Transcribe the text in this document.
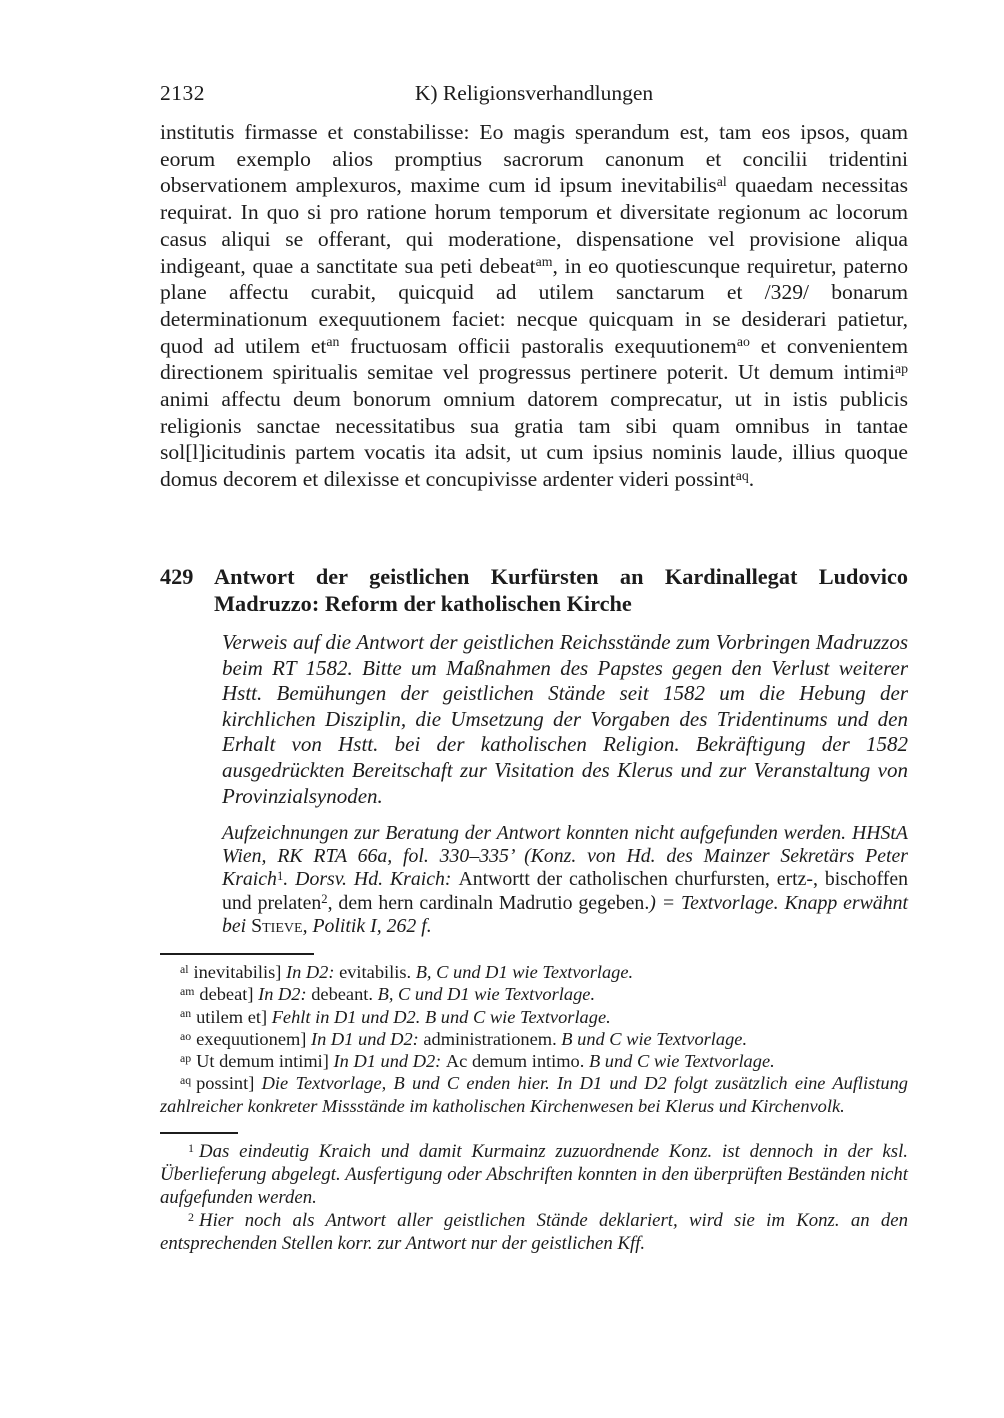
2132	K) Religionsverhandlungen

institutis firmasse et constabilisse: Eo magis sperandum est, tam eos ipsos, quam eorum exemplo alios promptius sacrorum canonum et concilii tridentini observationem amplexuros, maxime cum id ipsum inevitabilis$^{al}$ quaedam necessitas requirat. In quo si pro ratione horum temporum et diversitate regionum ac locorum casus aliqui se offerant, qui moderatione, dispensatione vel provisione aliqua indigeant, quae a sanctitate sua peti debeat$^{am}$, in eo quotiescunque requiretur, paterno plane affectu curabit, quicquid ad utilem sanctarum et /329/ bonarum determinationum exequutionem faciet: necque quicquam in se desiderari patietur, quod ad utilem $et^{an}$ fructuosam officii pastoralis exequutionem$^{ao}$ et convenientem directionem spiritualis semitae vel progressus pertinere poterit. Ut demum intimi$^{ap}$ animi affectu deum bonorum omnium datorem comprecatur, ut in istis publicis religionis sanctae necessitatibus sua gratia tam sibi quam omnibus in tantae sol[l]icitudinis partem vocatis ita adsit, ut cum ipsius nominis laude, illius quoque domus decorem et dilexisse et concupivisse ardenter videri possint$^{aq}$.

429 Antwort der geistlichen Kurfürsten an Kardinallegat Ludovico Madruzzo: Reform der katholischen Kirche

Verweis auf die Antwort der geistlichen Reichsstände zum Vorbringen Madruzzos beim RT 1582. Bitte um Maßnahmen des Papstes gegen den Verlust weiterer Hstt. Bemühungen der geistlichen Stände seit 1582 um die Hebung der kirchlichen Disziplin, die Umsetzung der Vorgaben des Tridentinums und den Erhalt von Hstt. bei der katholischen Religion. Bekräftigung der 1582 ausgedrückten Bereitschaft zur Visitation des Klerus und zur Veranstaltung von Provinzialsynoden.

Aufzeichnungen zur Beratung der Antwort konnten nicht aufgefunden werden. HHStA Wien, RK RTA 66a, fol. 330–335’ (Konz. von Hd. des Mainzer Sekretärs Peter Kraich$^1$. Dorsv. Hd. Kraich: Antwortt der catholischen churfursten, ertz-, bischoffen und prelaten$^2$, dem hern cardinaln Madrutio gegeben.) = Textvorlage. Knapp erwähnt bei Stieve, Politik I, 262 f.

$^{al}$ inevitabilis] In D2: evitabilis. B, C und D1 wie Textvorlage.

$^{am}$ debeat] In D2: debeant. B, C und D1 wie Textvorlage.

$^{an}$ utilem et] Fehlt in D1 und D2. B und C wie Textvorlage.

$^{ao}$ exequutionem] In D1 und D2: administrationem. B und C wie Textvorlage.

$^{ap}$ Ut demum intimi] In D1 und D2: Ac demum intimo. B und C wie Textvorlage.

$^{aq}$ possint] Die Textvorlage, B und C enden hier. In D1 und D2 folgt zusätzlich eine Auflistung zahlreicher konkreter Missstände im katholischen Kirchenwesen bei Klerus und Kirchenvolk.

$^1$ Das eindeutig Kraich und damit Kurmainz zuzuordnende Konz. ist dennoch in der ksl. Überlieferung abgelegt. Ausfertigung oder Abschriften konnten in den überprüften Beständen nicht aufgefunden werden.

$^2$ Hier noch als Antwort aller geistlichen Stände deklariert, wird sie im Konz. an den entsprechenden Stellen korr. zur Antwort nur der geistlichen Kff.
